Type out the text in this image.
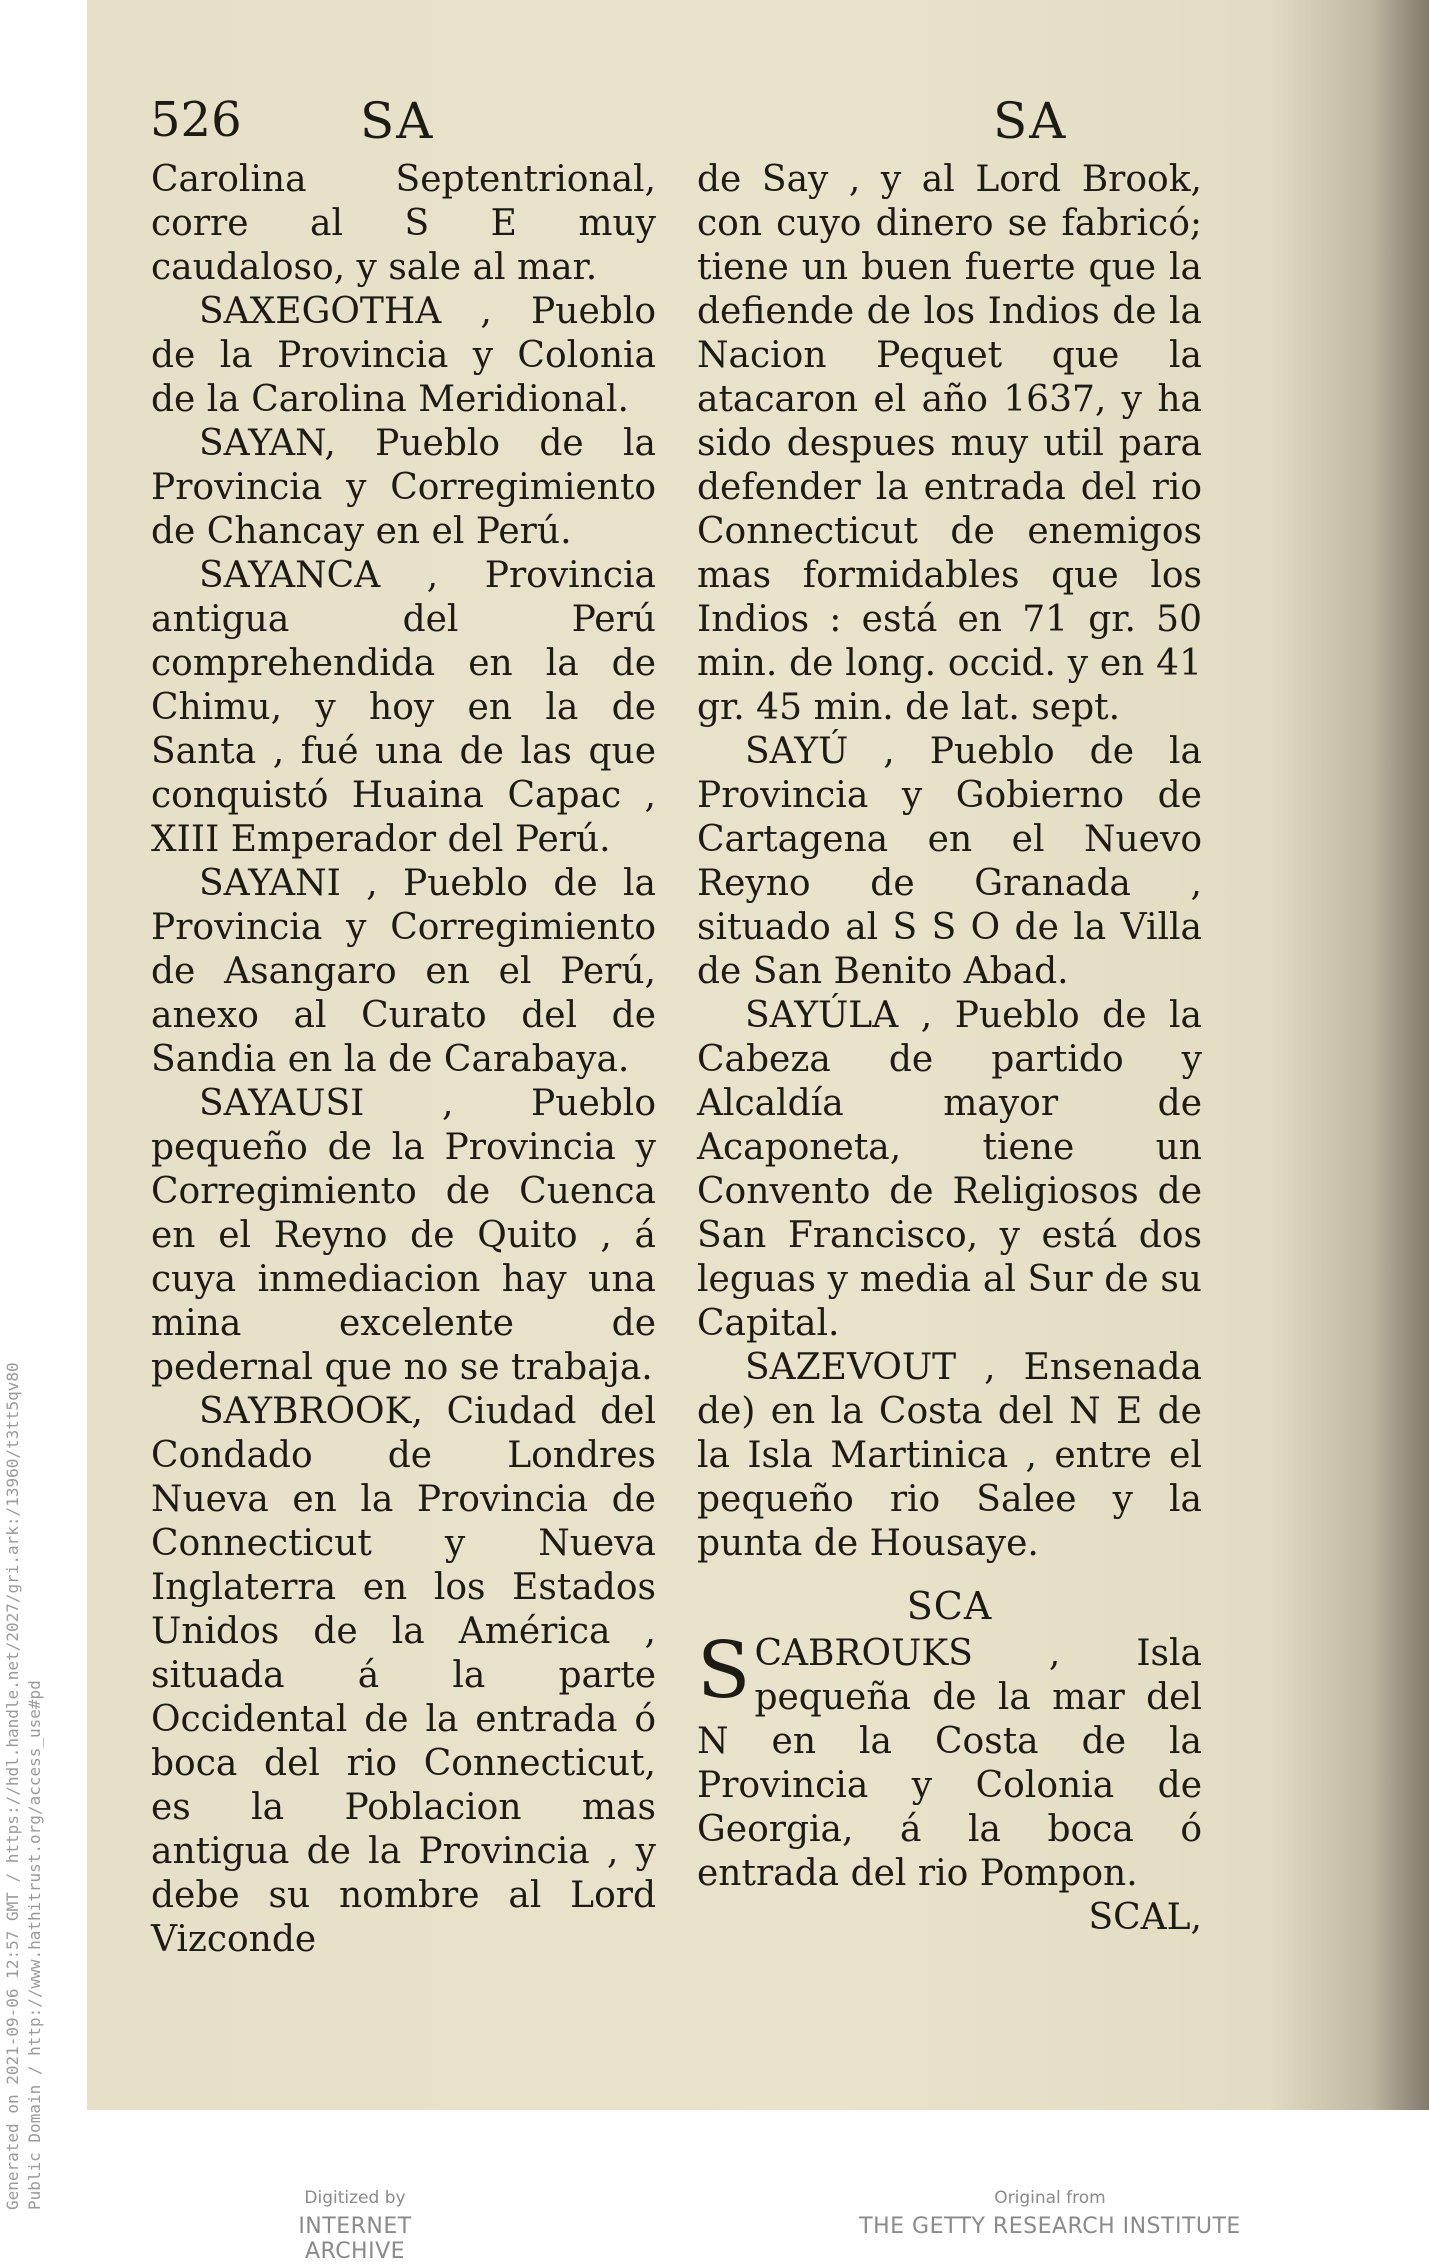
526 SA	SA

Carolina Septentrional, corre al S E muy caudaloso, y sale al mar.

SAXEGOTHA , Pueblo de la Provincia y Colonia de la Carolina Meridional.

SAYAN, Pueblo de la Provincia y Corregimiento de Chancay en el Perú.

SAYANCA , Provincia antigua del Perú comprehendida en la de Chimu, y hoy en la de Santa , fué una de las que conquistó Huaina Capac , XIII Emperador del Perú.

SAYANI , Pueblo de la Provincia y Corregimiento de Asangaro en el Perú, anexo al Curato del de Sandia en la de Carabaya.

SAYAUSI , Pueblo pequeño de la Provincia y Corregimiento de Cuenca en el Reyno de Quito , á cuya inmediacion hay una mina excelente de pedernal que no se trabaja.

SAYBROOK, Ciudad del Condado de Londres Nueva en la Provincia de Connecticut y Nueva Inglaterra en los Estados Unidos de la América , situada á la parte Occidental de la entrada ó boca del rio Connecticut, es la Poblacion mas antigua de la Provincia , y debe su nombre al Lord Vizconde

de Say , y al Lord Brook, con cuyo dinero se fabricó; tiene un buen fuerte que la defiende de los Indios de la Nacion Pequet que la atacaron el año 1637, y ha sido despues muy util para defender la entrada del rio Connecticut de enemigos mas formidables que los Indios : está en 71 gr. 50 min. de long. occid. y en 41 gr. 45 min. de lat. sept.

SAYÚ , Pueblo de la Provincia y Gobierno de Cartagena en el Nuevo Reyno de Granada , situado al S S O de la Villa de San Benito Abad.

SAYÚLA , Pueblo de la Cabeza de partido y Alcaldía mayor de Acaponeta, tiene un Convento de Religiosos de San Francisco, y está dos leguas y media al Sur de su Capital.

SAZEVOUT , Ensenada de) en la Costa del N E de la Isla Martinica , entre el pequeño rio Salee y la punta de Housaye.

SCA

SCABROUKS , Isla pequeña de la mar del N en la Costa de la Provincia y Colonia de Georgia, á la boca ó entrada del rio Pompon.

SCAL,

Generated on 2021-09-06 12:57 GMT / https://hdl.handle.net/2027/gri.ark:/13960/t3tt5qv80 Public Domain / http://www.hathitrust.org/access_use#pd	Digitized by
INTERNET ARCHIVE
Original from
THE GETTY RESEARCH INSTITUTE
